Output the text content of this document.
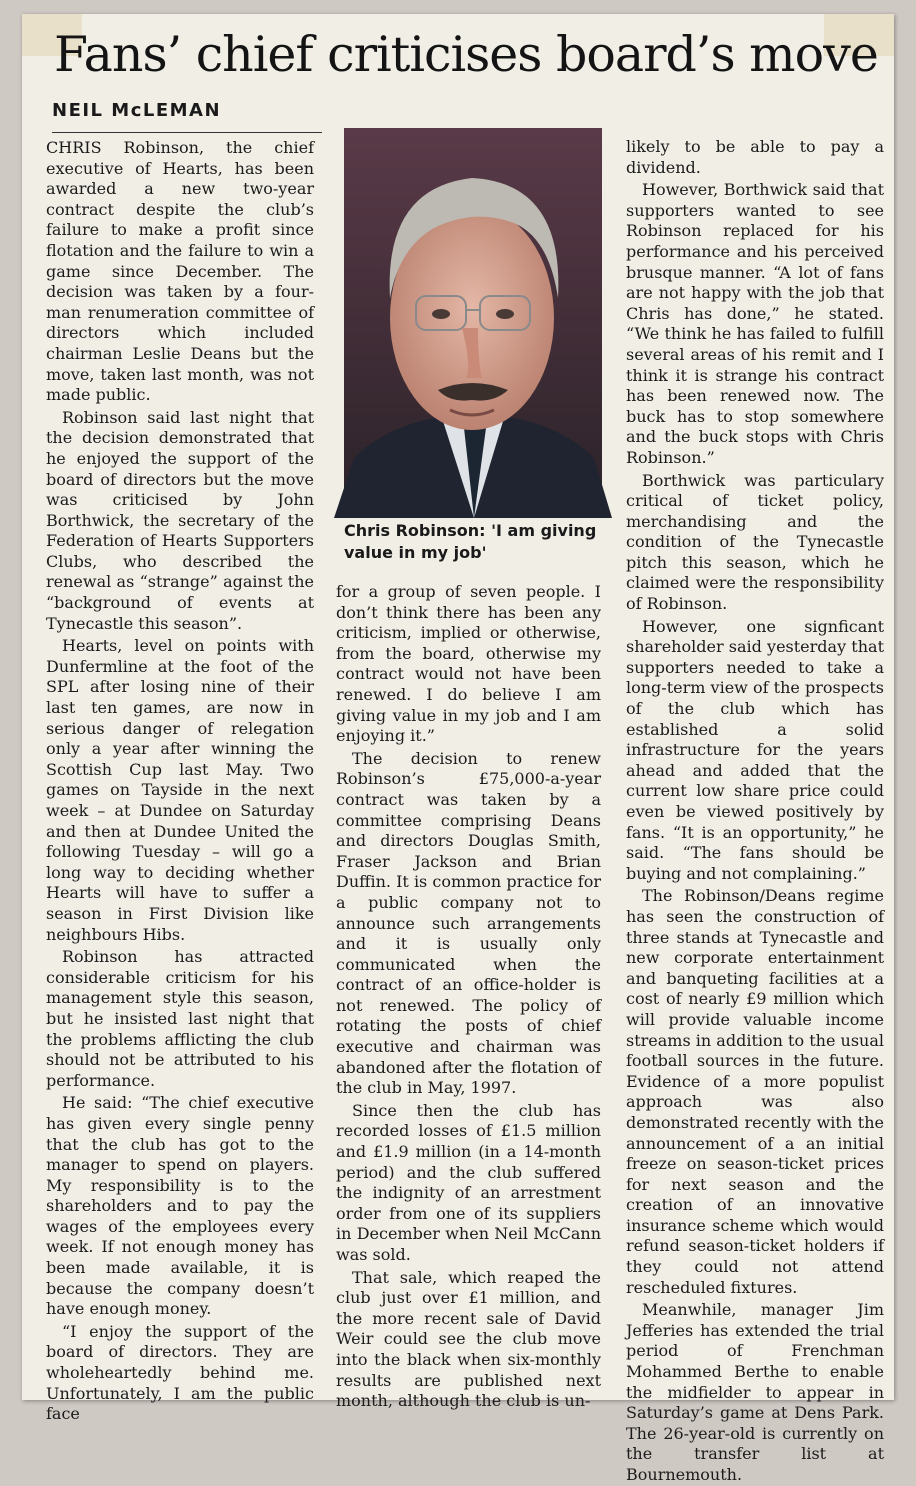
Fans’ chief criticises board’s move
NEIL McLEMAN

CHRIS Robinson, the chief executive of Hearts, has been awarded a new two-year contract despite the club’s failure to make a profit since flotation and the failure to win a game since December. The decision was taken by a four-man renumeration committee of directors which included chairman Leslie Deans but the move, taken last month, was not made public.

Robinson said last night that the decision demonstrated that he enjoyed the support of the board of directors but the move was criticised by John Borthwick, the secretary of the Federation of Hearts Supporters Clubs, who described the renewal as “strange” against the “background of events at Tynecastle this season”.

Hearts, level on points with Dunfermline at the foot of the SPL after losing nine of their last ten games, are now in serious danger of relegation only a year after winning the Scottish Cup last May. Two games on Tayside in the next week – at Dundee on Saturday and then at Dundee United the following Tuesday – will go a long way to deciding whether Hearts will have to suffer a season in First Division like neighbours Hibs.

Robinson has attracted considerable criticism for his management style this season, but he insisted last night that the problems afflicting the club should not be attributed to his performance.

He said: “The chief executive has given every single penny that the club has got to the manager to spend on players. My responsibility is to the shareholders and to pay the wages of the employees every week. If not enough money has been made available, it is because the company doesn’t have enough money.

“I enjoy the support of the board of directors. They are wholeheartedly behind me. Unfortunately, I am the public face

Chris Robinson: 'I am giving value in my job'

for a group of seven people. I don’t think there has been any criticism, implied or otherwise, from the board, otherwise my contract would not have been renewed. I do believe I am giving value in my job and I am enjoying it.”

The decision to renew Robinson’s £75,000-a-year contract was taken by a committee comprising Deans and directors Douglas Smith, Fraser Jackson and Brian Duffin. It is common practice for a public company not to announce such arrangements and it is usually only communicated when the contract of an office-holder is not renewed. The policy of rotating the posts of chief executive and chairman was abandoned after the flotation of the club in May, 1997.

Since then the club has recorded losses of £1.5 million and £1.9 million (in a 14-month period) and the club suffered the indignity of an arrestment order from one of its suppliers in December when Neil McCann was sold.

That sale, which reaped the club just over £1 million, and the more recent sale of David Weir could see the club move into the black when six-monthly results are published next month, although the club is un-

likely to be able to pay a dividend.

However, Borthwick said that supporters wanted to see Robinson replaced for his performance and his perceived brusque manner. “A lot of fans are not happy with the job that Chris has done,” he stated. “We think he has failed to fulfill several areas of his remit and I think it is strange his contract has been renewed now. The buck has to stop somewhere and the buck stops with Chris Robinson.”

Borthwick was particulary critical of ticket policy, merchandising and the condition of the Tynecastle pitch this season, which he claimed were the responsibility of Robinson.

However, one signficant shareholder said yesterday that supporters needed to take a long-term view of the prospects of the club which has established a solid infrastructure for the years ahead and added that the current low share price could even be viewed positively by fans. “It is an opportunity,” he said. “The fans should be buying and not complaining.”

The Robinson/Deans regime has seen the construction of three stands at Tynecastle and new corporate entertainment and banqueting facilities at a cost of nearly £9 million which will provide valuable income streams in addition to the usual football sources in the future. Evidence of a more populist approach was also demonstrated recently with the announcement of a an initial freeze on season-ticket prices for next season and the creation of an innovative insurance scheme which would refund season-ticket holders if they could not attend rescheduled fixtures.

Meanwhile, manager Jim Jefferies has extended the trial period of Frenchman Mohammed Berthe to enable the midfielder to appear in Saturday’s game at Dens Park. The 26-year-old is currently on the transfer list at Bournemouth.
